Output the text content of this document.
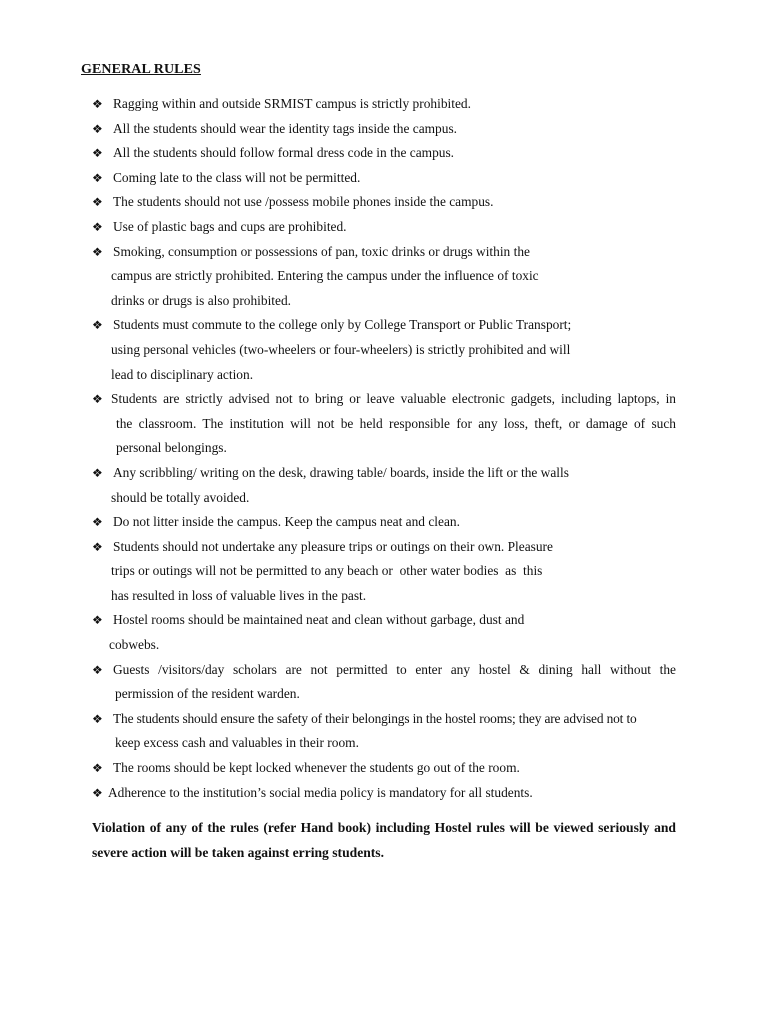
GENERAL RULES
❖ Ragging within and outside SRMIST campus is strictly prohibited.
❖ All the students should wear the identity tags inside the campus.
❖ All the students should follow formal dress code in the campus.
❖ Coming late to the class will not be permitted.
❖ The students should not use /possess mobile phones inside the campus.
❖ Use of plastic bags and cups are prohibited.
❖ Smoking, consumption or possessions of pan, toxic drinks or drugs within the
campus are strictly prohibited. Entering the campus under the influence of toxic
drinks or drugs is also prohibited.
❖ Students must commute to the college only by College Transport or Public Transport;
using personal vehicles (two-wheelers or four-wheelers) is strictly prohibited and will
lead to disciplinary action.
❖ Students are strictly advised not to bring or leave valuable electronic gadgets, including laptops, in
the classroom. The institution will not be held responsible for any loss, theft, or damage of such
personal belongings.
❖ Any scribbling/ writing on the desk, drawing table/ boards, inside the lift or the walls
should be totally avoided.
❖ Do not litter inside the campus. Keep the campus neat and clean.
❖ Students should not undertake any pleasure trips or outings on their own. Pleasure
trips or outings will not be permitted to any beach or  other water bodies  as  this
has resulted in loss of valuable lives in the past.
❖ Hostel rooms should be maintained neat and clean without garbage, dust and
cobwebs.
❖ Guests /visitors/day scholars are not permitted to enter any hostel & dining hall without the
permission of the resident warden.
❖ The students should ensure the safety of their belongings in the hostel rooms; they are advised not to
keep excess cash and valuables in their room.
❖ The rooms should be kept locked whenever the students go out of the room.
❖ Adherence to the institution’s social media policy is mandatory for all students.
Violation of any of the rules (refer Hand book) including Hostel rules will be viewed seriously and severe action will be taken against erring students.
